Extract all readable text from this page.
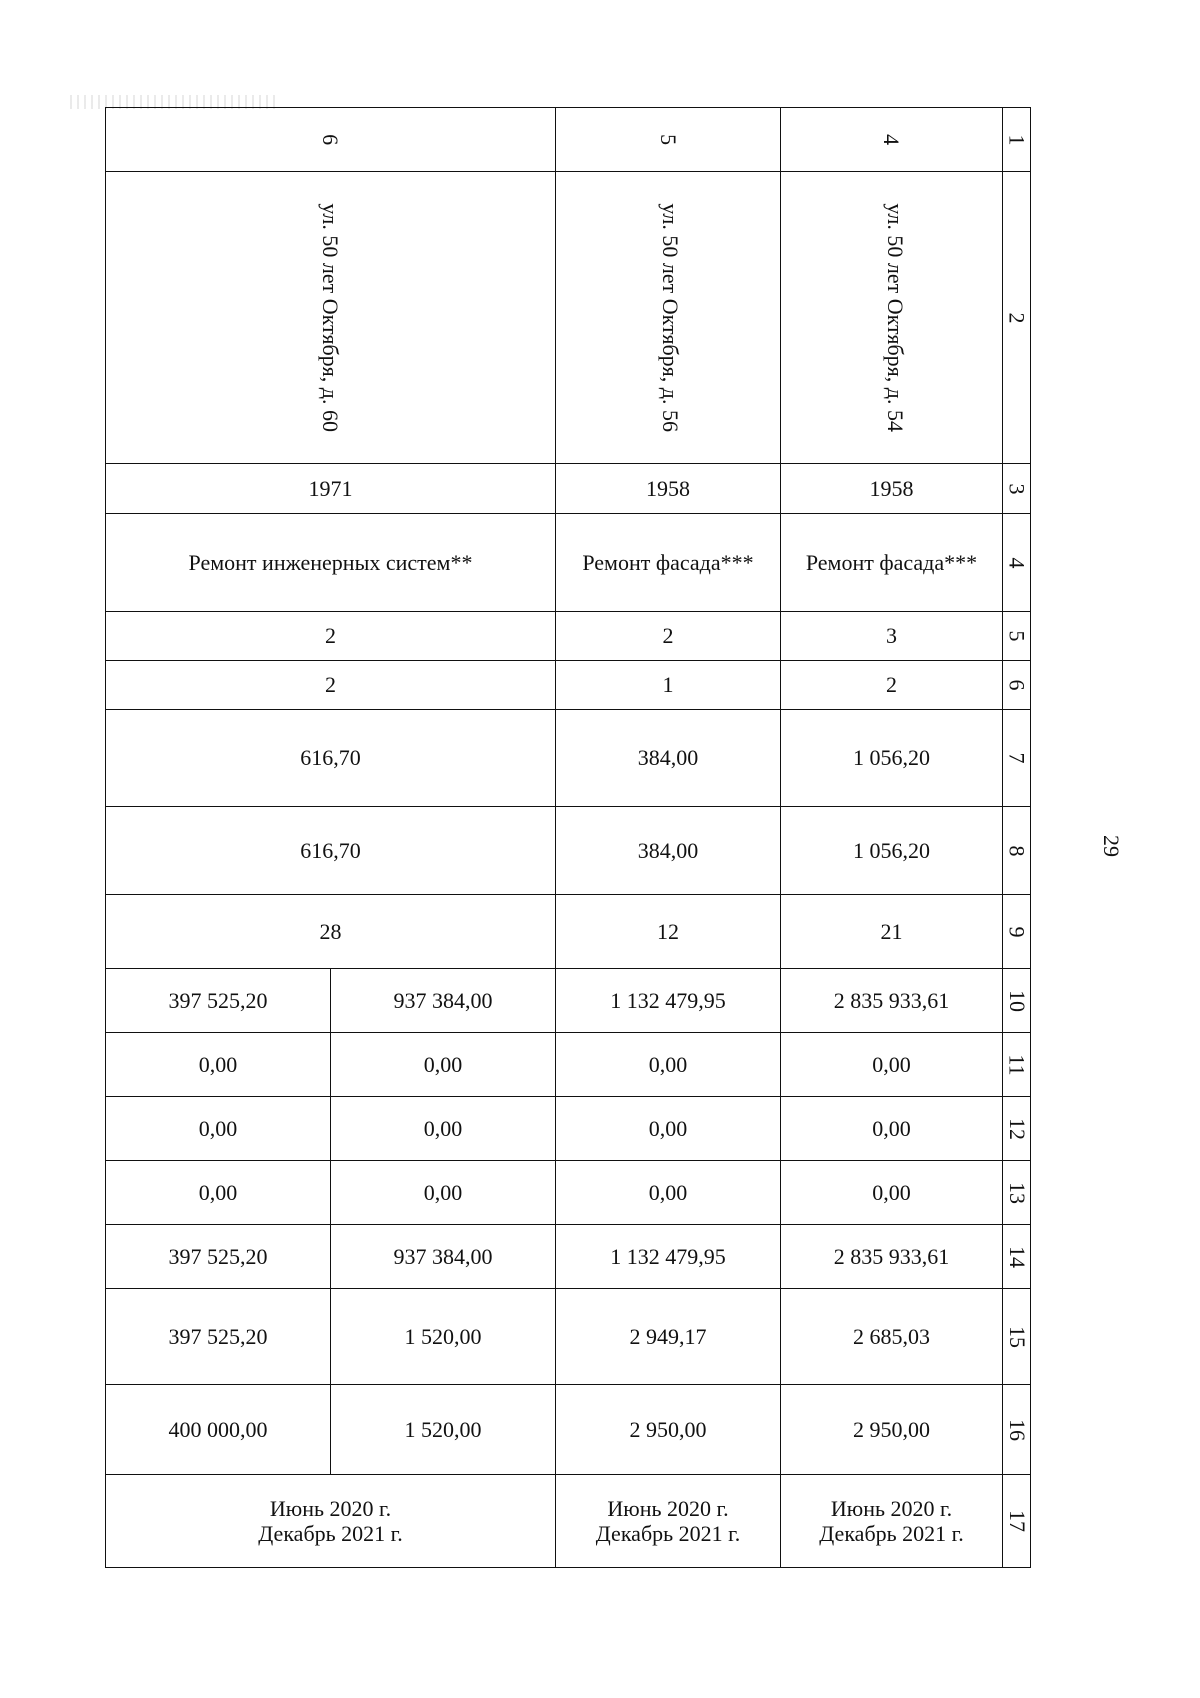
29
6		5	4	1
ул. 50 лет Октября, д. 60		ул. 50 лет Октября, д. 56	ул. 50 лет Октября, д. 54	2
1971		1958	1958	3
Ремонт инженерных систем**		Ремонт фасада***	Ремонт фасада***	4
2		2	3	5
2		1	2	6
616,70		384,00	1 056,20	7
616,70		384,00	1 056,20	8
28		12	21	9
397 525,20	937 384,00	1 132 479,95	2 835 933,61	10
0,00	0,00	0,00	0,00	11
0,00	0,00	0,00	0,00	12
0,00	0,00	0,00	0,00	13
397 525,20	937 384,00	1 132 479,95	2 835 933,61	14
397 525,20	1 520,00	2 949,17	2 685,03	15
400 000,00	1 520,00	2 950,00	2 950,00	16

Июнь 2020 г.
Декабрь 2021 г.		Июнь 2020 г.
Декабрь 2021 г.	Июнь 2020 г.
Декабрь 2021 г.	17
